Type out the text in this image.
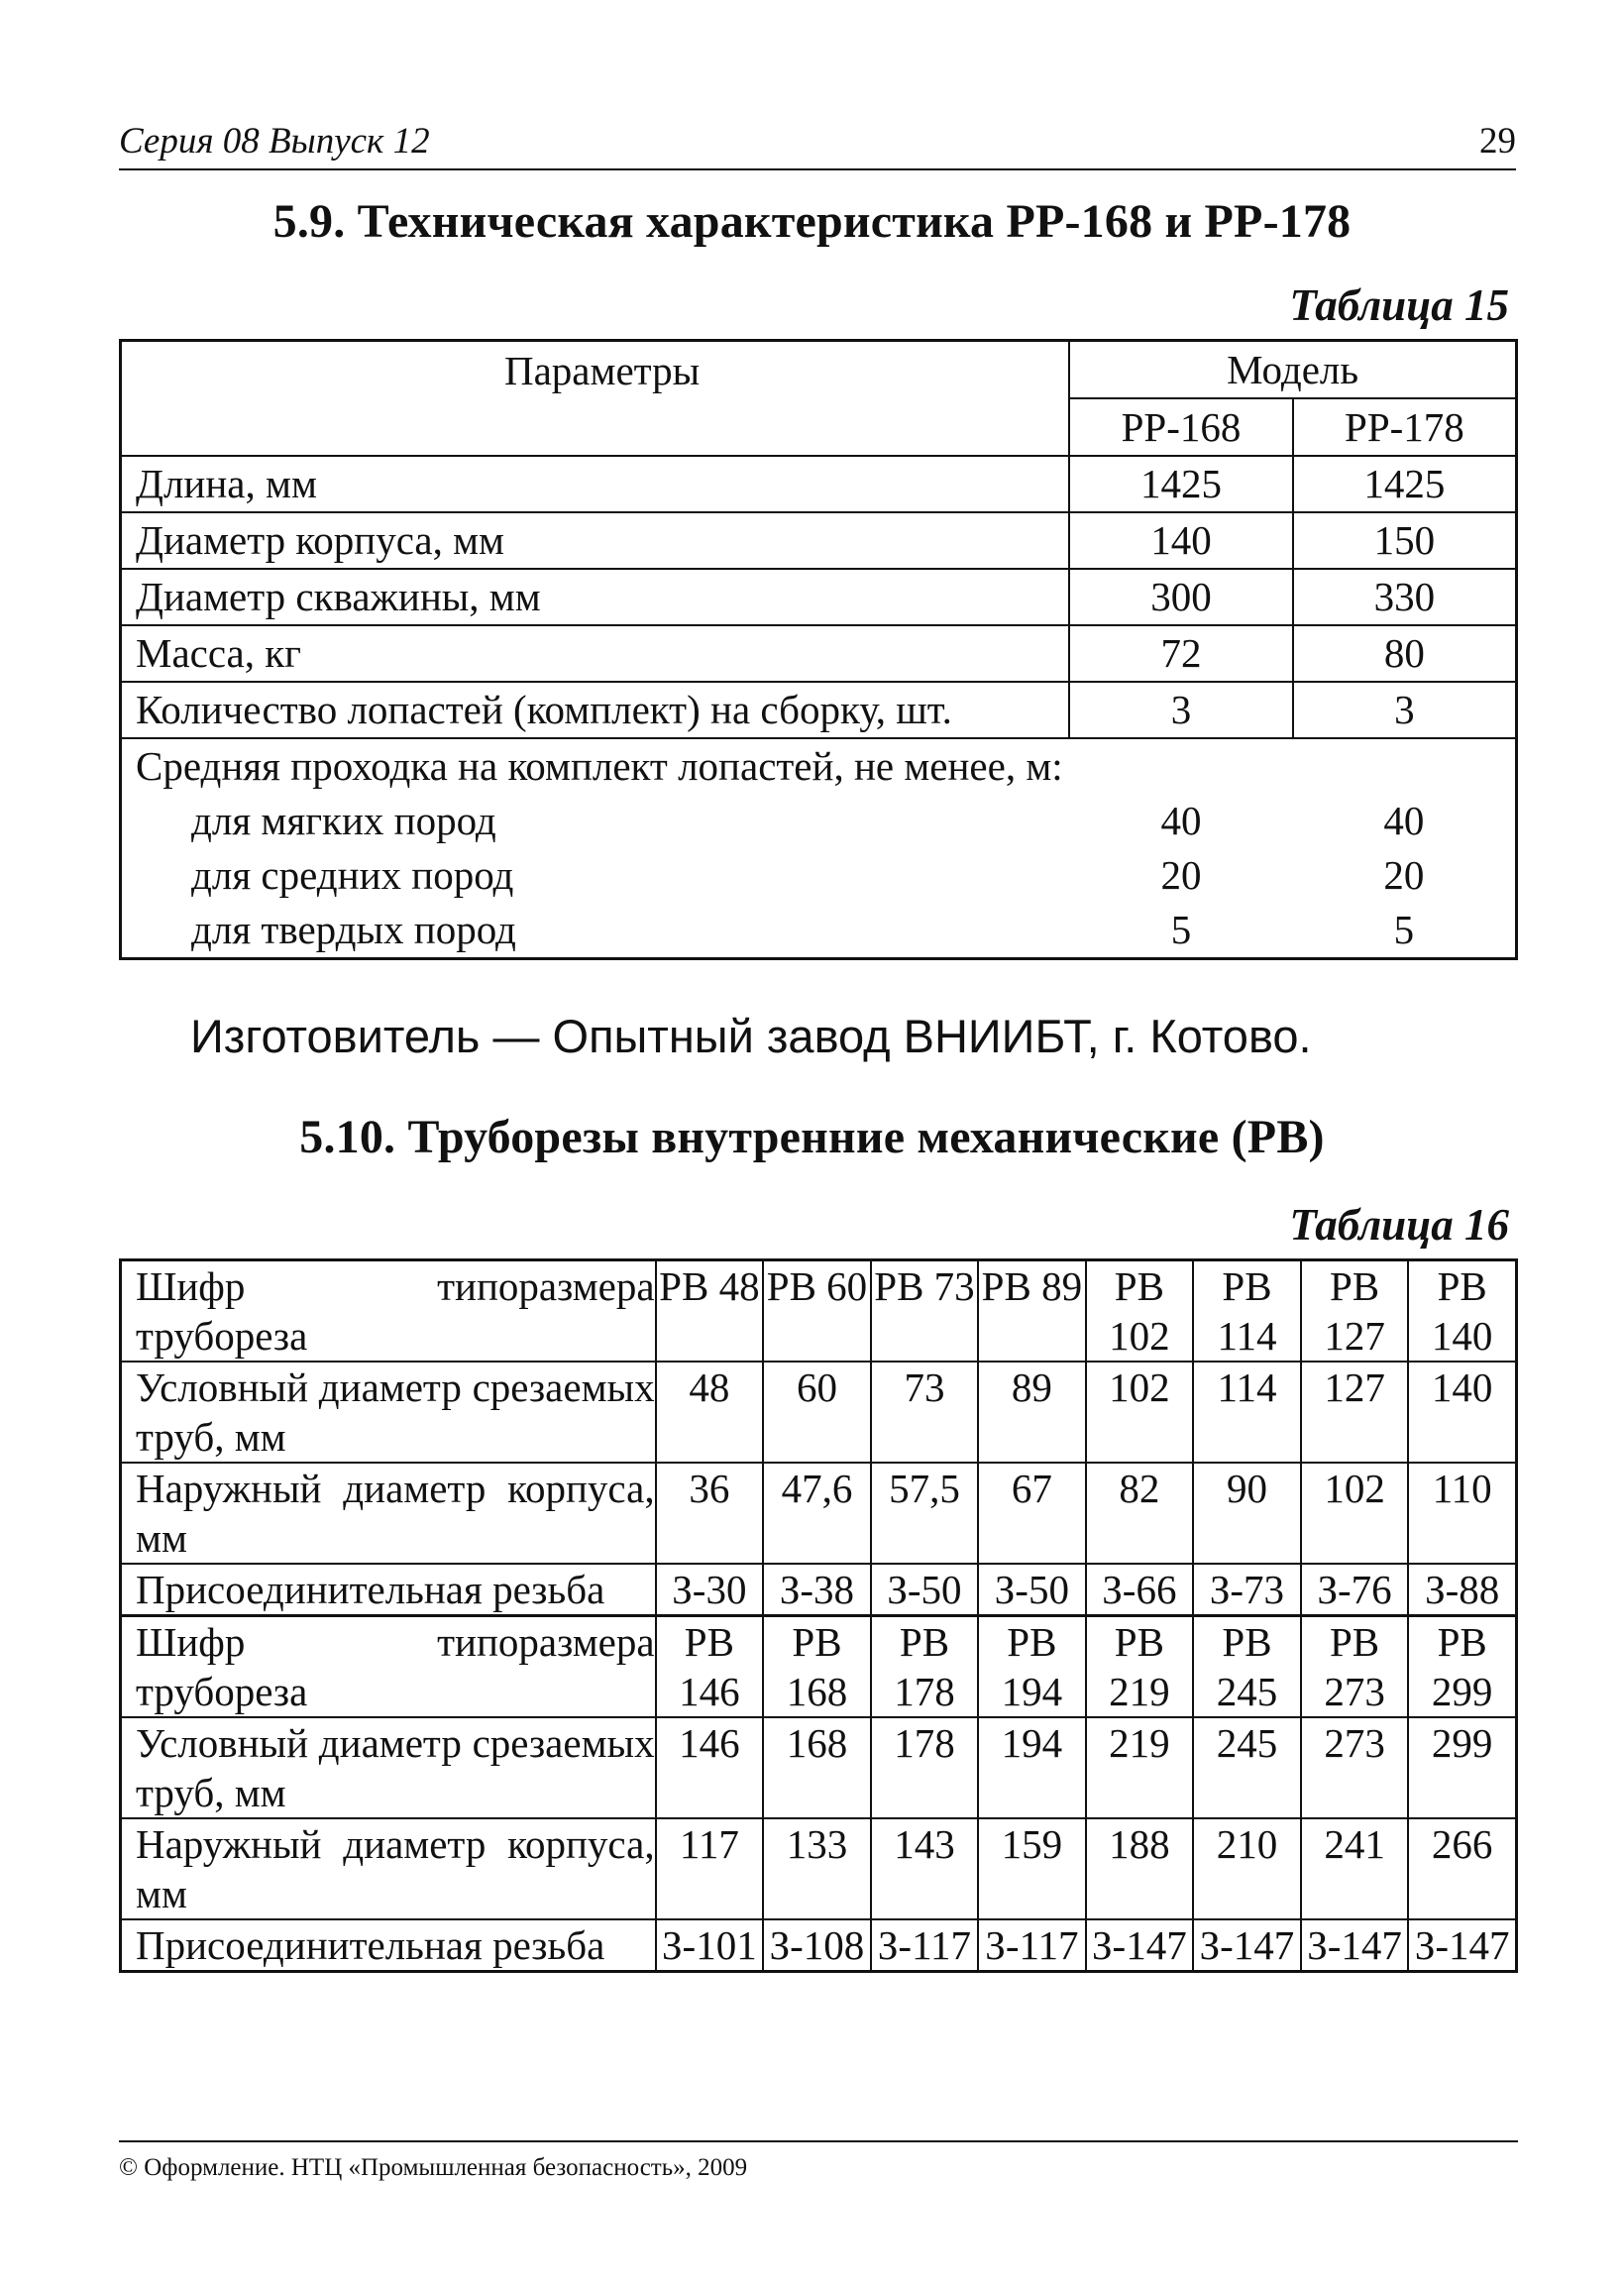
Серия 08 Выпуск 12	29
5.9. Техническая характеристика РР-168 и РР-178
Таблица 15
Параметры	Модель	
	РР-168	РР-178
Длина, мм	1425	1425
Диаметр корпуса, мм	140	150
Диаметр скважины, мм	300	330
Масса, кг	72	80
Количество лопастей (комплект) на сборку, шт.	3	3
Средняя проходка на комплект лопастей, не менее, м:		
для мягких пород	40	40
для средних пород	20	20
для твердых пород	5	5
Изготовитель — Опытный завод ВНИИБТ, г. Котово.
5.10. Труборезы внутренние механические (РВ)
Таблица 16
Шифр типоразмера трубореза	РВ 48	РВ 60	РВ 73	РВ 89	РВ 102	РВ 114	РВ 127	РВ 140
Условный диаметр срезаемых труб, мм	48	60	73	89	102	114	127	140
Наружный диаметр корпуса, мм	36	47,6	57,5	67	82	90	102	110
Присоединительная резьба	З-30	З-38	З-50	З-50	З-66	З-73	З-76	З-88
Шифр типоразмера трубореза	РВ 146	РВ 168	РВ 178	РВ 194	РВ 219	РВ 245	РВ 273	РВ 299
Условный диаметр срезаемых труб, мм	146	168	178	194	219	245	273	299
Наружный диаметр корпуса, мм	117	133	143	159	188	210	241	266
Присоединительная резьба	З-101	З-108	З-117	З-117	З-147	З-147	З-147	З-147
© Оформление. НТЦ «Промышленная безопасность», 2009
